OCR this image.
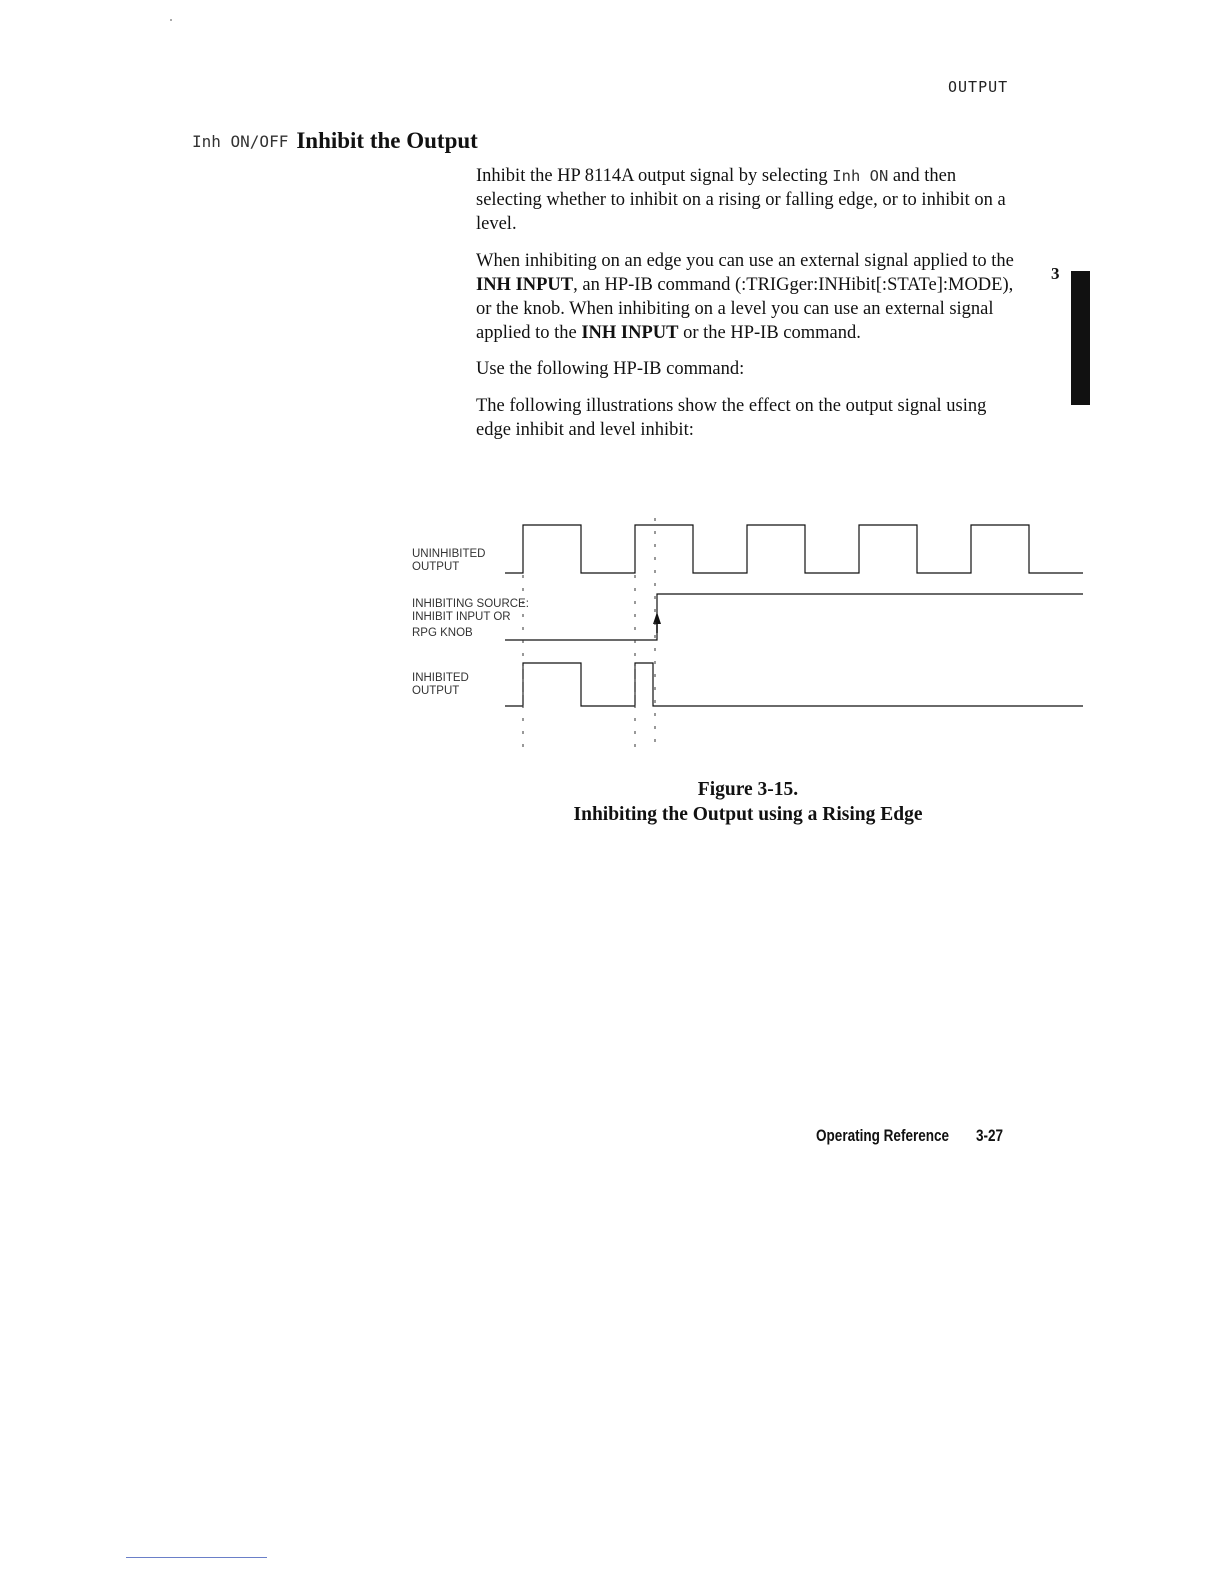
OUTPUT
Inh ON/OFF Inhibit the Output

Inhibit the HP 8114A output signal by selecting Inh ON and then selecting whether to inhibit on a rising or falling edge, or to inhibit on a level.

When inhibiting on an edge you can use an external signal applied to the INH INPUT, an HP-IB command (:TRIGger:INHibit[:STATe]:MODE), or the knob. When inhibiting on a level you can use an external signal applied to the INH INPUT or the HP-IB command.

Use the following HP-IB command:

The following illustrations show the effect on the output signal using edge inhibit and level inhibit:

3
UNINHIBITED
OUTPUT
INHIBITING SOURCE:
INHIBIT INPUT OR
RPG KNOB
INHIBITED
OUTPUT
Figure 3-15.
Inhibiting the Output using a Rising Edge
Operating Reference 3-27
